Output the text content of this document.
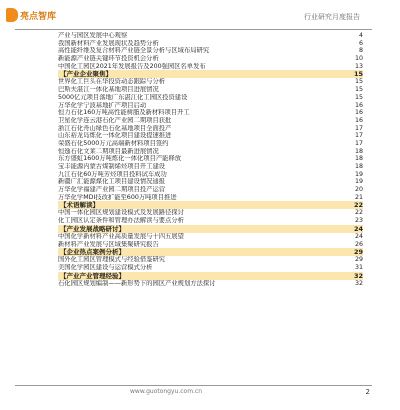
亮点智库	行业研究月度报告
产业与园区发展中心观察	4
我国新材料产业发展现状及趋势分析	6
高性能纤维及复合材料产业链全景分析与区域布局研究	8
新能源产业链关键环节投资机会分析	10
中国化工园区2021年发展报告及200强园区名单发布	13
【产业企业聚焦】	15
世界化工巨头在华投资动态跟踪与分析	15
巴斯夫湛江一体化基地项目进展情况	15
5000亿元项目落地广东湛江化工园区投资建设	15
万华化学宁波基地扩产项目启动	16
恒力石化160万吨高性能树脂及新材料项目开工	16
卫星化学连云港石化产业园二期项目获批	16
浙江石化舟山绿色石化基地项目全面投产	17
山东裕龙岛炼化一体化项目建设提速推进	17
荣盛石化5000万元高端新材料项目签约	17
恒逸石化文莱二期项目最新进展情况	18
东方盛虹1600万吨炼化一体化项目产能释放	18
宝丰能源内蒙古煤制烯烃项目开工建设	18
九江石化60万吨芳烃项目投料试车成功	19
新疆广汇能源煤化工项目建设情况通报	19
万华化学福建产业园二期项目投产运营	20
万华化学MDI技改扩能至600万吨项目推进	21
【术语解读】	22
中国一体化园区规划建设模式及发展路径探讨	22
化工园区认定条件和管理办法解读与要点分析	23
【产业发展战略研讨】	24
中国化学新材料产业高质量发展与十四五展望	24
新材料产业发展与区域集聚研究报告	26
【企业热点案例分析】	29
国外化工园区管理模式与经验借鉴研究	29
美国化学园区建设与运营模式分析	31
【产业产业管理经验】	32
石化园区规划编制——新形势下的园区产业规划方法探讨	32
www.guotongyu.com.cn	2
